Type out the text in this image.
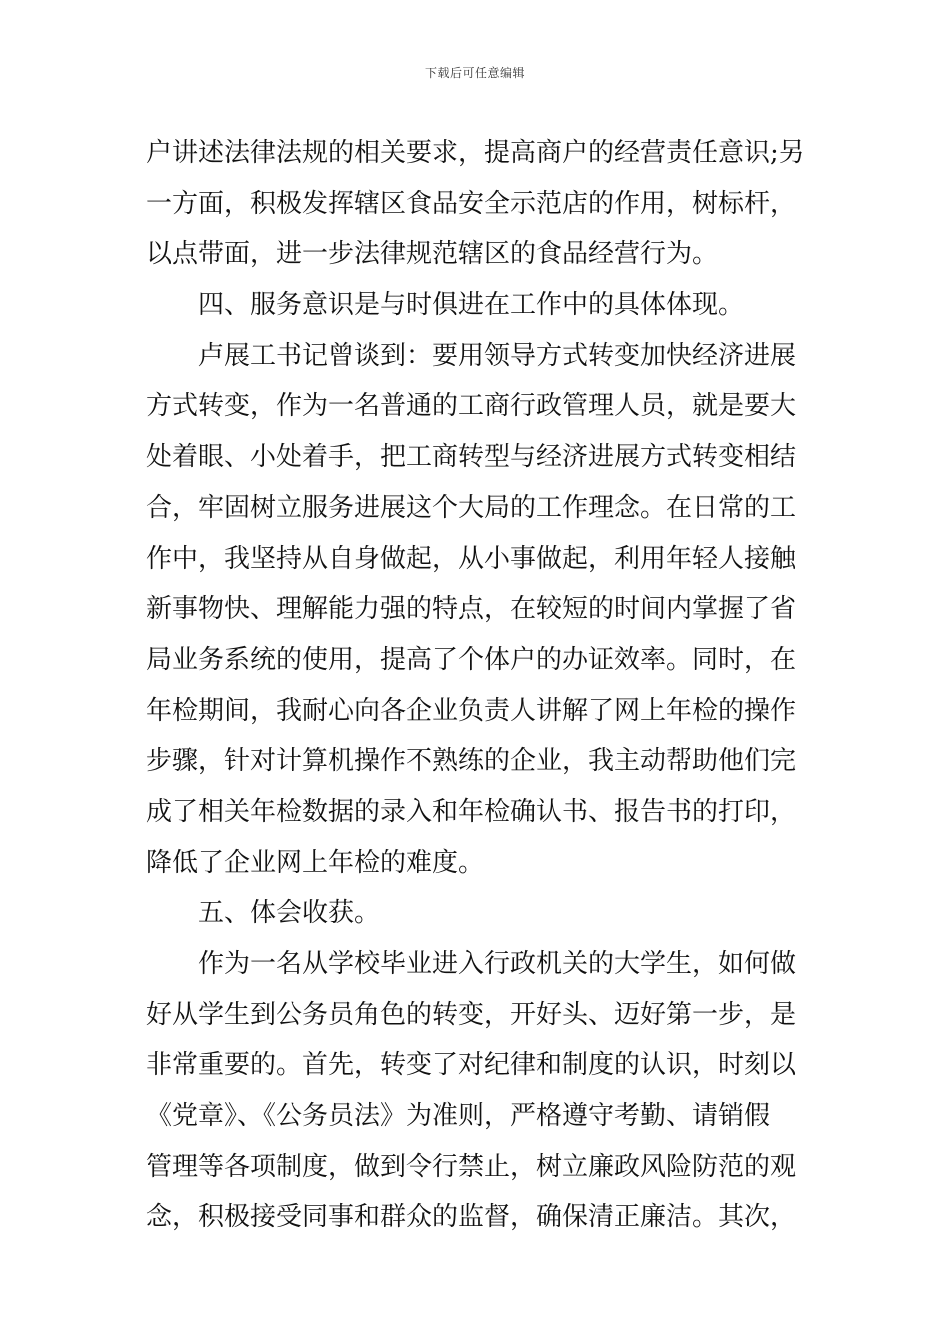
下载后可任意编辑
户讲述法律法规的相关要求，提高商户的经营责任意识;另
一方面，积极发挥辖区食品安全示范店的作用，树标杆，
以点带面，进一步法律规范辖区的食品经营行为。
四、服务意识是与时俱进在工作中的具体体现。
卢展工书记曾谈到：要用领导方式转变加快经济进展
方式转变，作为一名普通的工商行政管理人员，就是要大
处着眼、小处着手，把工商转型与经济进展方式转变相结
合，牢固树立服务进展这个大局的工作理念。在日常的工
作中，我坚持从自身做起，从小事做起，利用年轻人接触
新事物快、理解能力强的特点，在较短的时间内掌握了省
局业务系统的使用，提高了个体户的办证效率。同时，在
年检期间，我耐心向各企业负责人讲解了网上年检的操作
步骤，针对计算机操作不熟练的企业，我主动帮助他们完
成了相关年检数据的录入和年检确认书、报告书的打印，
降低了企业网上年检的难度。
五、体会收获。
作为一名从学校毕业进入行政机关的大学生，如何做
好从学生到公务员角色的转变，开好头、迈好第一步，是
非常重要的。首先，转变了对纪律和制度的认识，时刻以
《党章》、《公务员法》为准则，严格遵守考勤、请销假
管理等各项制度，做到令行禁止，树立廉政风险防范的观
念，积极接受同事和群众的监督，确保清正廉洁。其次，
